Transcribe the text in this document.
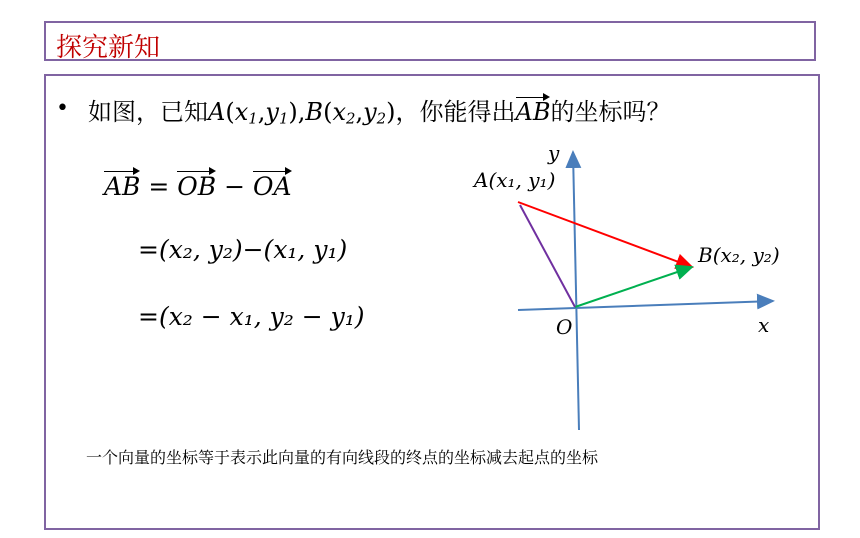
探究新知
• 如图，已知$A(x_1,y_1),B(x_2,y_2)$，你能得出AB的坐标吗？
AB = OB − OA
=(x₂, y₂)−(x₁, y₁)
=(x₂ − x₁, y₂ − y₁)
y
x
O
A(x₁, y₁)
B(x₂, y₂)
一个向量的坐标等于表示此向量的有向线段的终点的坐标减去起点的坐标
